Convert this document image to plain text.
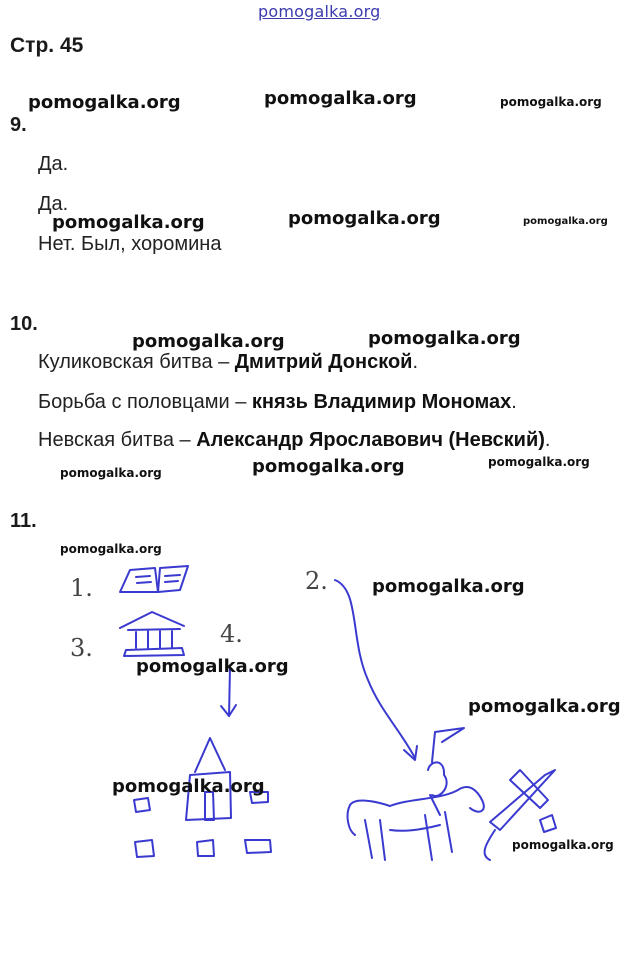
pomogalka.org
Стр. 45
pomogalka.org	pomogalka.org	pomogalka.org
9.
Да.
Да.
pomogalka.org	pomogalka.org	pomogalka.org
Нет. Был, хоромина
10.
pomogalka.org	pomogalka.org
Куликовская битва – Дмитрий Донской.
Борьба с половцами – князь Владимир Мономах.
Невская битва – Александр Ярославович (Невский).
pomogalka.org	pomogalka.org	pomogalka.org
11.
pomogalka.org
1.	2.
3.	4.
pomogalka.org
pomogalka.org
pomogalka.org
pomogalka.org
pomogalka.org
